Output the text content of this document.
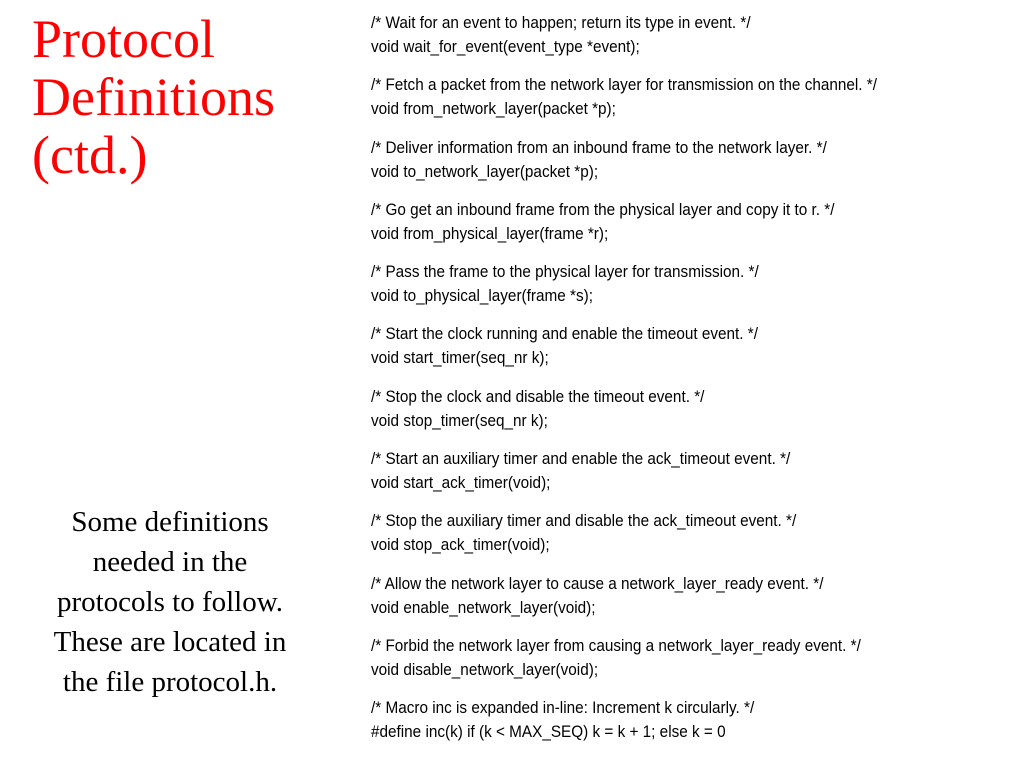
Protocol
Definitions
(ctd.)
Some definitions
needed in the
protocols to follow.
These are located in
the file protocol.h.
/* Wait for an event to happen; return its type in event. */
void wait_for_event(event_type *event);
/* Fetch a packet from the network layer for transmission on the channel. */
void from_network_layer(packet *p);
/* Deliver information from an inbound frame to the network layer. */
void to_network_layer(packet *p);
/* Go get an inbound frame from the physical layer and copy it to r. */
void from_physical_layer(frame *r);
/* Pass the frame to the physical layer for transmission. */
void to_physical_layer(frame *s);
/* Start the clock running and enable the timeout event. */
void start_timer(seq_nr k);
/* Stop the clock and disable the timeout event. */
void stop_timer(seq_nr k);
/* Start an auxiliary timer and enable the ack_timeout event. */
void start_ack_timer(void);
/* Stop the auxiliary timer and disable the ack_timeout event. */
void stop_ack_timer(void);
/* Allow the network layer to cause a network_layer_ready event. */
void enable_network_layer(void);
/* Forbid the network layer from causing a network_layer_ready event. */
void disable_network_layer(void);
/* Macro inc is expanded in-line: Increment k circularly. */
#define inc(k) if (k < MAX_SEQ) k = k + 1; else k = 0
